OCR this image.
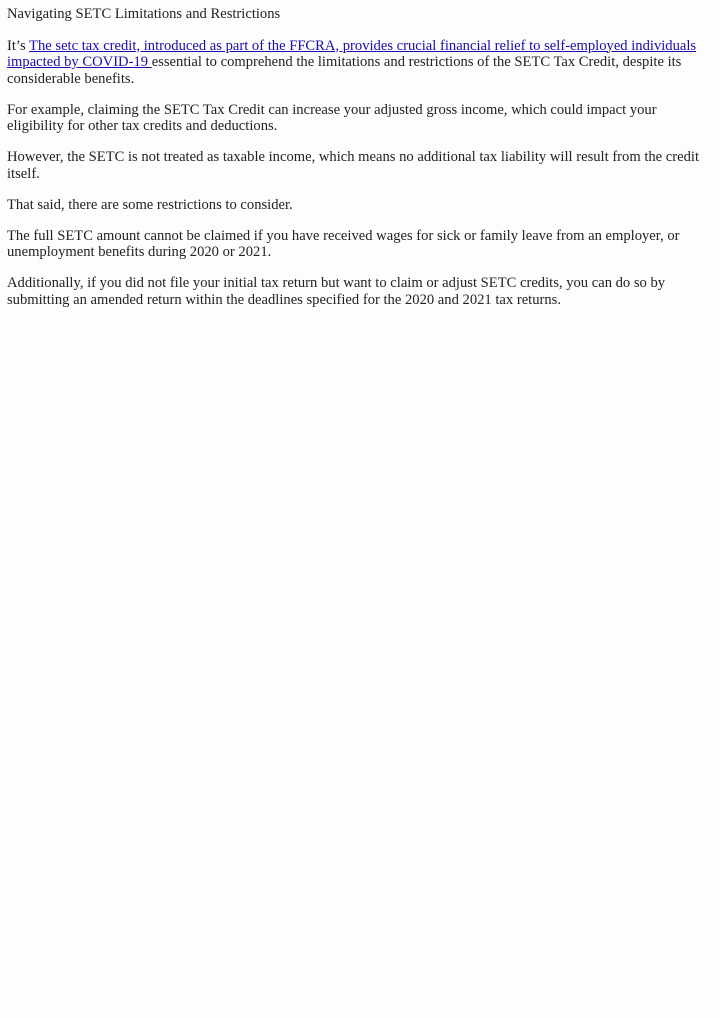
Navigating SETC Limitations and Restrictions

It’s The setc tax credit, introduced as part of the FFCRA, provides crucial financial relief to self-employed individuals impacted by COVID-19 essential to comprehend the limitations and restrictions of the SETC Tax Credit, despite its considerable benefits.

For example, claiming the SETC Tax Credit can increase your adjusted gross income, which could impact your eligibility for other tax credits and deductions.

However, the SETC is not treated as taxable income, which means no additional tax liability will result from the credit itself.

That said, there are some restrictions to consider.

The full SETC amount cannot be claimed if you have received wages for sick or family leave from an employer, or unemployment benefits during 2020 or 2021.

Additionally, if you did not file your initial tax return but want to claim or adjust SETC credits, you can do so by submitting an amended return within the deadlines specified for the 2020 and 2021 tax returns.
